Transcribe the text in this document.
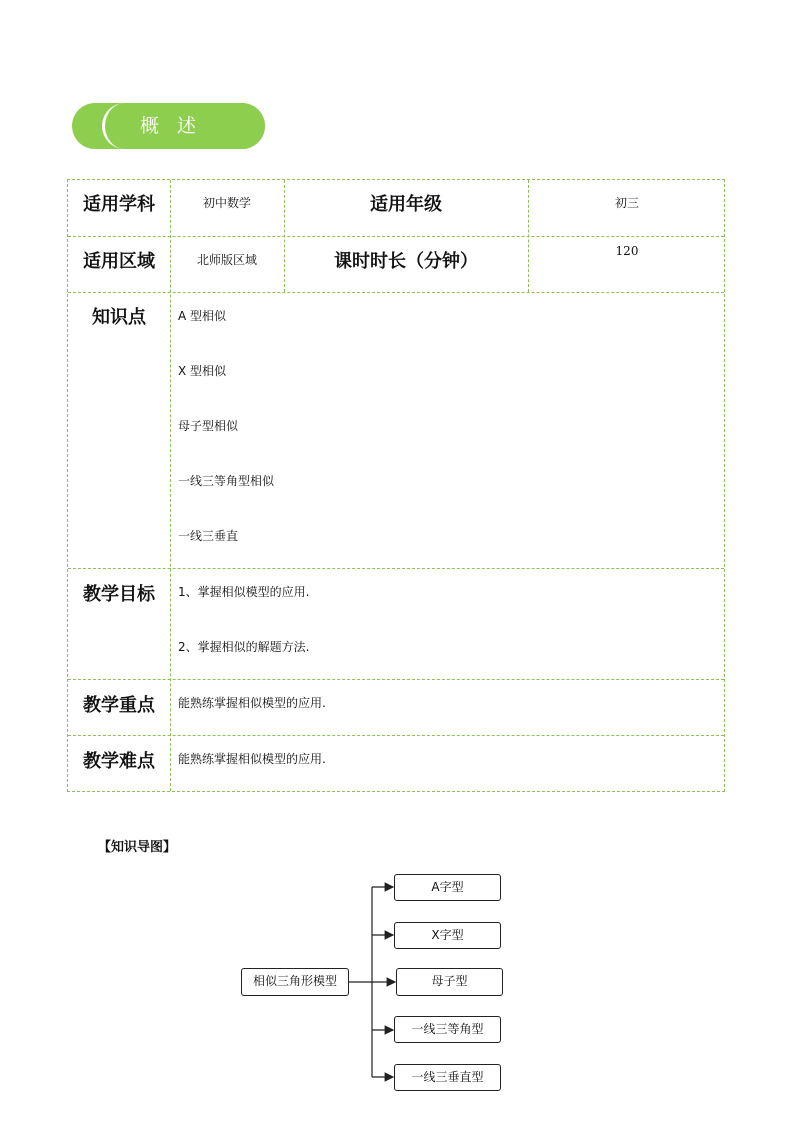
概 述
适用学科	初中数学	适用年级	初三
适用区域	北师版区域	课时时长（分钟）	120
知识点	A 型相似
X 型相似
母子型相似
一线三等角型相似
一线三垂直
教学目标	1、掌握相似模型的应用.
2、掌握相似的解题方法.
教学重点	能熟练掌握相似模型的应用.
教学难点	能熟练掌握相似模型的应用.
【知识导图】
相似三角形模型
A字型
X字型
母子型
一线三等角型
一线三垂直型
